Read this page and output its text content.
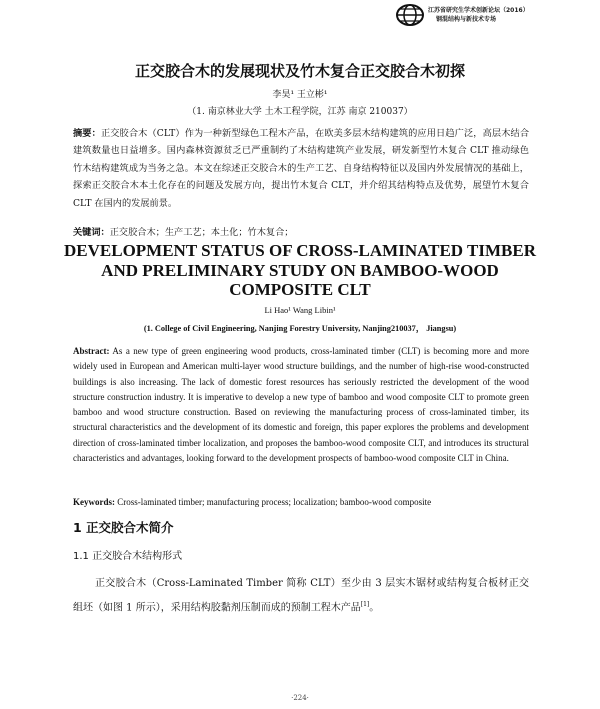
江苏省研究生学术创新论坛（2016）
钢混结构与新技术专场
正交胶合木的发展现状及竹木复合正交胶合木初探
李昊¹ 王立彬¹
（1. 南京林业大学 土木工程学院，江苏 南京 210037）
摘要：正交胶合木（CLT）作为一种新型绿色工程木产品，在欧美多层木结构建筑的应用日趋广泛，高层木结合建筑数量也日益增多。国内森林资源贫乏已严重制约了木结构建筑产业发展，研发新型竹木复合 CLT 推动绿色竹木结构建筑成为当务之急。本文在综述正交胶合木的生产工艺、自身结构特征以及国内外发展情况的基础上，探索正交胶合木本土化存在的问题及发展方向，提出竹木复合 CLT，并介绍其结构特点及优势，展望竹木复合 CLT 在国内的发展前景。
关键词：正交胶合木；生产工艺；本土化；竹木复合；
DEVELOPMENT STATUS OF CROSS-LAMINATED TIMBER AND PRELIMINARY STUDY ON BAMBOO-WOOD COMPOSITE CLT
Li Hao¹ Wang Libin¹
(1. College of Civil Engineering, Nanjing Forestry University, Nanjing210037， Jiangsu)
Abstract: As a new type of green engineering wood products, cross-laminated timber (CLT) is becoming more and more widely used in European and American multi-layer wood structure buildings, and the number of high-rise wood-constructed buildings is also increasing. The lack of domestic forest resources has seriously restricted the development of the wood structure construction industry. It is imperative to develop a new type of bamboo and wood composite CLT to promote green bamboo and wood structure construction. Based on reviewing the manufacturing process of cross-laminated timber, its structural characteristics and the development of its domestic and foreign, this paper explores the problems and development direction of cross-laminated timber localization, and proposes the bamboo-wood composite CLT, and introduces its structural characteristics and advantages, looking forward to the development prospects of bamboo-wood composite CLT in China.
Keywords: Cross-laminated timber; manufacturing process; localization; bamboo-wood composite
1 正交胶合木简介
1.1 正交胶合木结构形式
正交胶合木（Cross-Laminated Timber 简称 CLT）至少由 3 层实木锯材或结构复合板材正交组坯（如图 1 所示），采用结构胶黏剂压制而成的预制工程木产品[1]。
·224·
